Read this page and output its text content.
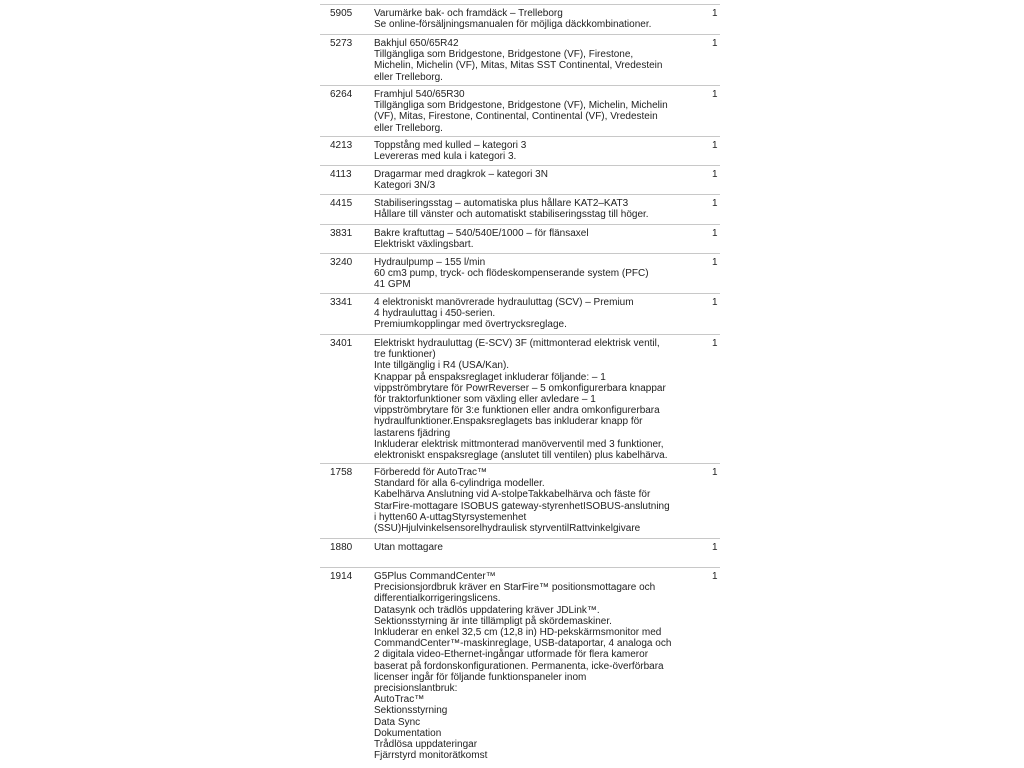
5905 Varumärke bak- och framdäck – Trelleborg
Se online-försäljningsmanualen för möjliga däckkombinationer.
1
5273 Bakhjul 650/65R42
Tillgängliga som Bridgestone, Bridgestone (VF), Firestone,
Michelin, Michelin (VF), Mitas, Mitas SST Continental, Vredestein
eller Trelleborg.
1
6264 Framhjul 540/65R30
Tillgängliga som Bridgestone, Bridgestone (VF), Michelin, Michelin
(VF), Mitas, Firestone, Continental, Continental (VF), Vredestein
eller Trelleborg.
1
4213 Toppstång med kulled – kategori 3
Levereras med kula i kategori 3.
1
4113 Dragarmar med dragkrok – kategori 3N
Kategori 3N/3
1
4415 Stabiliseringsstag – automatiska plus hållare KAT2–KAT3
Hållare till vänster och automatiskt stabiliseringsstag till höger.
1
3831 Bakre kraftuttag – 540/540E/1000 – för flänsaxel
Elektriskt växlingsbart.
1
3240 Hydraulpump – 155 l/min
60 cm3 pump, tryck- och flödeskompenserande system (PFC)
41 GPM
1
3341 4 elektroniskt manövrerade hydrauluttag (SCV) – Premium
4 hydrauluttag i 450-serien.
Premiumkopplingar med övertrycksreglage.
1
3401 Elektriskt hydrauluttag (E-SCV) 3F (mittmonterad elektrisk ventil,
tre funktioner)
Inte tillgänglig i R4 (USA/Kan).
Knappar på enspaksreglaget inkluderar följande: – 1
vippströmbrytare för PowrReverser – 5 omkonfigurerbara knappar
för traktorfunktioner som växling eller avledare – 1
vippströmbrytare för 3:e funktionen eller andra omkonfigurerbara
hydraulfunktioner.Enspaksreglagets bas inkluderar knapp för
lastarens fjädring
Inkluderar elektrisk mittmonterad manöverventil med 3 funktioner,
elektroniskt enspaksreglage (anslutet till ventilen) plus kabelhärva.
1
1758 Förberedd för AutoTrac™
Standard för alla 6-cylindriga modeller.
Kabelhärva Anslutning vid A-stolpeTakkabelhärva och fäste för
StarFire-mottagare ISOBUS gateway-styrenhetISOBUS-anslutning
i hytten60 A-uttagStyrsystemenhet
(SSU)Hjulvinkelsensorelhydraulisk styrventilRattvinkelgivare
1
1880 Utan mottagare	1
1914 G5Plus CommandCenter™
Precisionsjordbruk kräver en StarFire™ positionsmottagare och
differentialkorrigeringslicens.
Datasynk och trädlös uppdatering kräver JDLink™.
Sektionsstyrning är inte tillämpligt på skördemaskiner.
Inkluderar en enkel 32,5 cm (12,8 in) HD-pekskärmsmonitor med
CommandCenter™-maskinreglage, USB-dataportar, 4 analoga och
2 digitala video-Ethernet-ingångar utformade för flera kameror
baserat på fordonskonfigurationen. Permanenta, icke-överförbara
licenser ingår för följande funktionspaneler inom
precisionslantbruk:
AutoTrac™
Sektionsstyrning
Data Sync
Dokumentation
Trådlösa uppdateringar
Fjärrstyrd monitorätkomst
1
